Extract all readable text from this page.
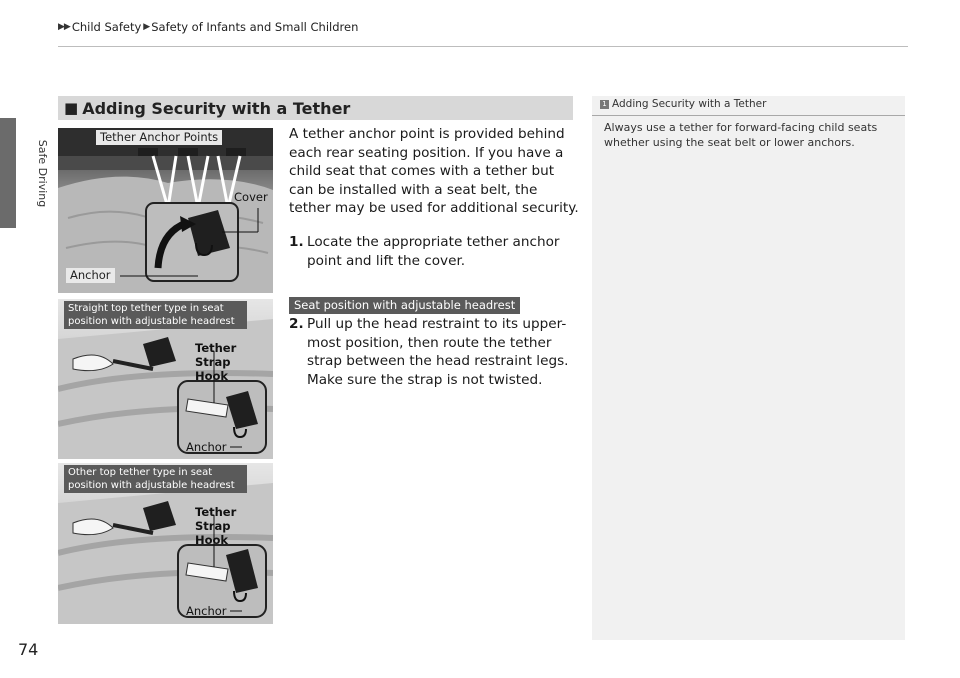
▶▶ Child Safety ▶ Safety of Infants and Small Children
Safe Driving
74
■ Adding Security with a Tether
Tether Anchor Points
Cover
Anchor
Straight top tether type in seat
position with adjustable headrest
Tether Strap
Hook
Anchor
Other top tether type in seat
position with adjustable headrest
Tether Strap
Hook
Anchor
A tether anchor point is provided behind each rear seating position. If you have a child seat that comes with a tether but can be installed with a seat belt, the tether may be used for additional security.
1. Locate the appropriate tether anchor point and lift the cover.
Seat position with adjustable headrest
2. Pull up the head restraint to its upper-most position, then route the tether strap between the head restraint legs. Make sure the strap is not twisted.
1 Adding Security with a Tether
Always use a tether for forward-facing child seats whether using the seat belt or lower anchors.
